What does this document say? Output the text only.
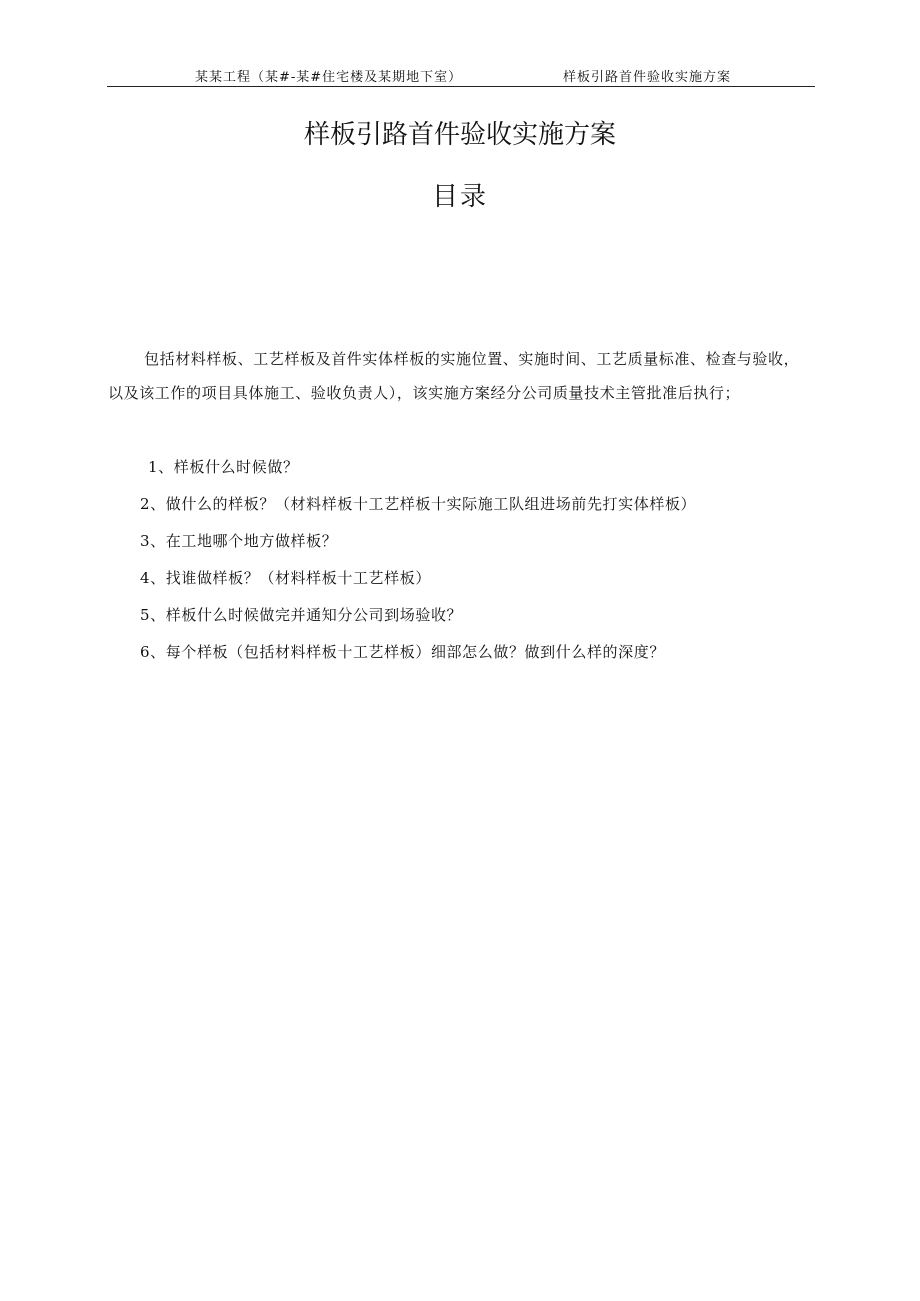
某某工程（某#-某#住宅楼及某期地下室）	样板引路首件验收实施方案
样板引路首件验收实施方案
目录

包括材料样板、工艺样板及首件实体样板的实施位置、实施时间、工艺质量标准、检查与验收，以及该工作的项目具体施工、验收负责人），该实施方案经分公司质量技术主管批准后执行；

1、样板什么时候做？
2、做什么的样板？（材料样板十工艺样板十实际施工队组进场前先打实体样板）
3、在工地哪个地方做样板？
4、找谁做样板？（材料样板十工艺样板）
5、样板什么时候做完并通知分公司到场验收？
6、每个样板（包括材料样板十工艺样板）细部怎么做？做到什么样的深度？
